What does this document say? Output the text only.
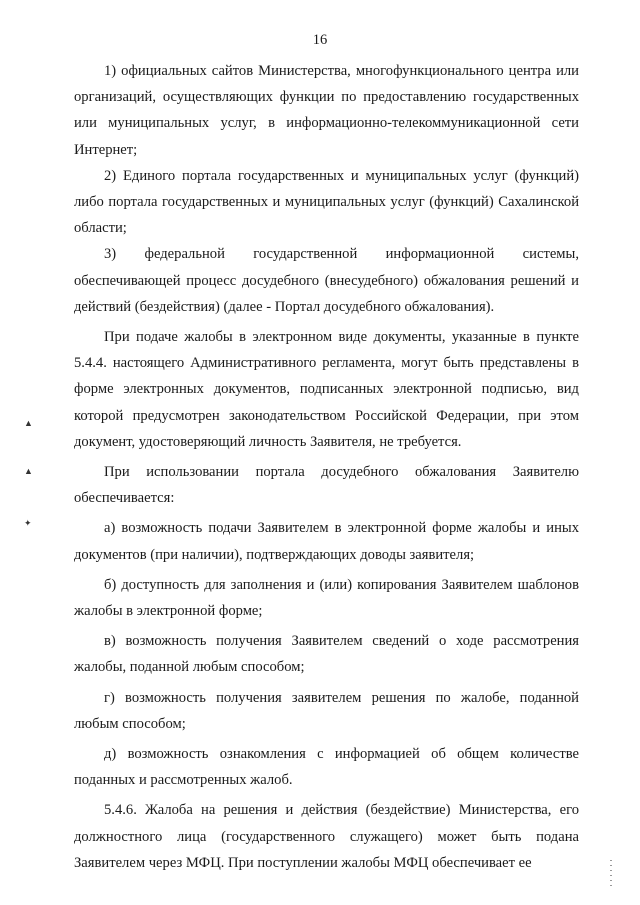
16

1) официальных сайтов Министерства, многофункционального центра или организаций, осуществляющих функции по предоставлению государственных или муниципальных услуг, в информационно-телекоммуникационной сети Интернет;

2) Единого портала государственных и муниципальных услуг (функций) либо портала государственных и муниципальных услуг (функций) Сахалинской области;

3) федеральной государственной информационной системы, обеспечивающей процесс досудебного (внесудебного) обжалования решений и действий (бездействия) (далее - Портал досудебного обжалования).

При подаче жалобы в электронном виде документы, указанные в пункте 5.4.4. настоящего Административного регламента, могут быть представлены в форме электронных документов, подписанных электронной подписью, вид которой предусмотрен законодательством Российской Федерации, при этом документ, удостоверяющий личность Заявителя, не требуется.

При использовании портала досудебного обжалования Заявителю обеспечивается:

а) возможность подачи Заявителем в электронной форме жалобы и иных документов (при наличии), подтверждающих доводы заявителя;

б) доступность для заполнения и (или) копирования Заявителем шаблонов жалобы в электронной форме;

в) возможность получения Заявителем сведений о ходе рассмотрения жалобы, поданной любым способом;

г) возможность получения заявителем решения по жалобе, поданной любым способом;

д) возможность ознакомления с информацией об общем количестве поданных и рассмотренных жалоб.

5.4.6. Жалоба на решения и действия (бездействие) Министерства, его должностного лица (государственного служащего) может быть подана Заявителем через МФЦ. При поступлении жалобы МФЦ обеспечивает ее

▲
▲
✦
